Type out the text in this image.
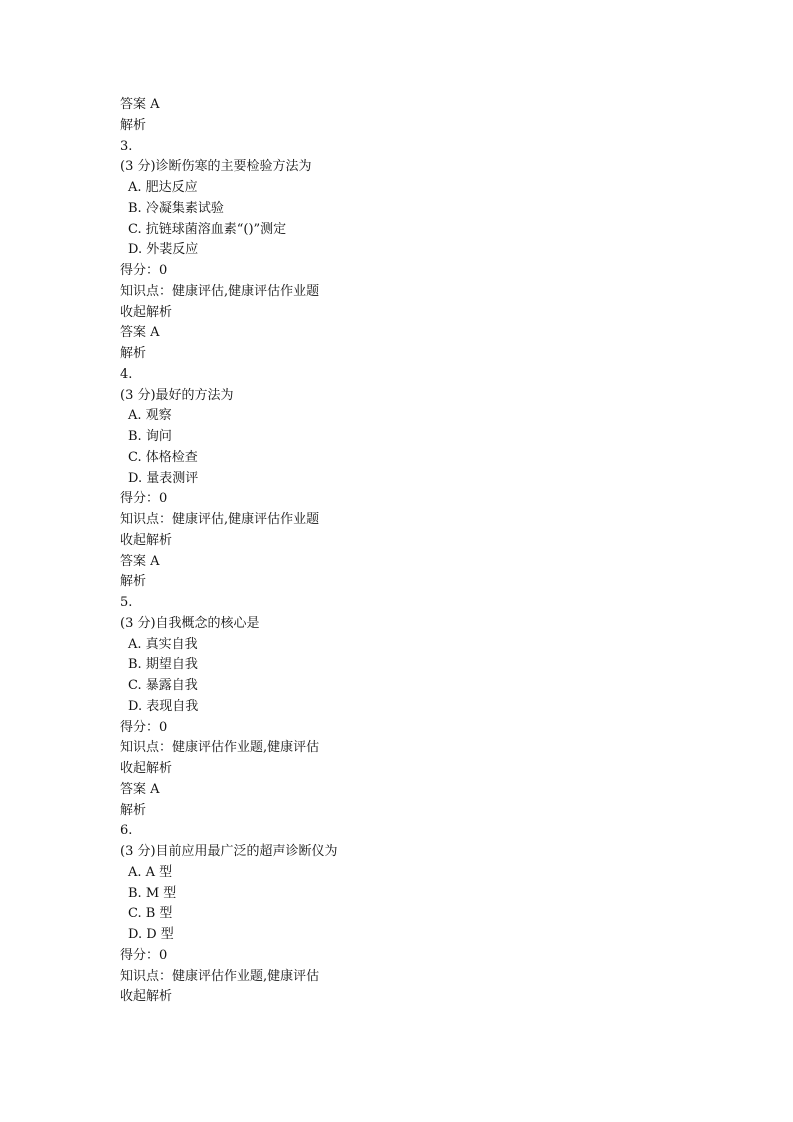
答案 A
解析
3.
(3 分)诊断伤寒的主要检验方法为
A. 肥达反应
B. 冷凝集素试验
C. 抗链球菌溶血素“()”测定
D. 外裴反应
得分：0
知识点：健康评估,健康评估作业题
收起解析
答案 A
解析
4.
(3 分)最好的方法为
A. 观察
B. 询问
C. 体格检查
D. 量表测评
得分：0
知识点：健康评估,健康评估作业题
收起解析
答案 A
解析
5.
(3 分)自我概念的核心是
A. 真实自我
B. 期望自我
C. 暴露自我
D. 表现自我
得分：0
知识点：健康评估作业题,健康评估
收起解析
答案 A
解析
6.
(3 分)目前应用最广泛的超声诊断仪为
A. A 型
B. M 型
C. B 型
D. D 型
得分：0
知识点：健康评估作业题,健康评估
收起解析
